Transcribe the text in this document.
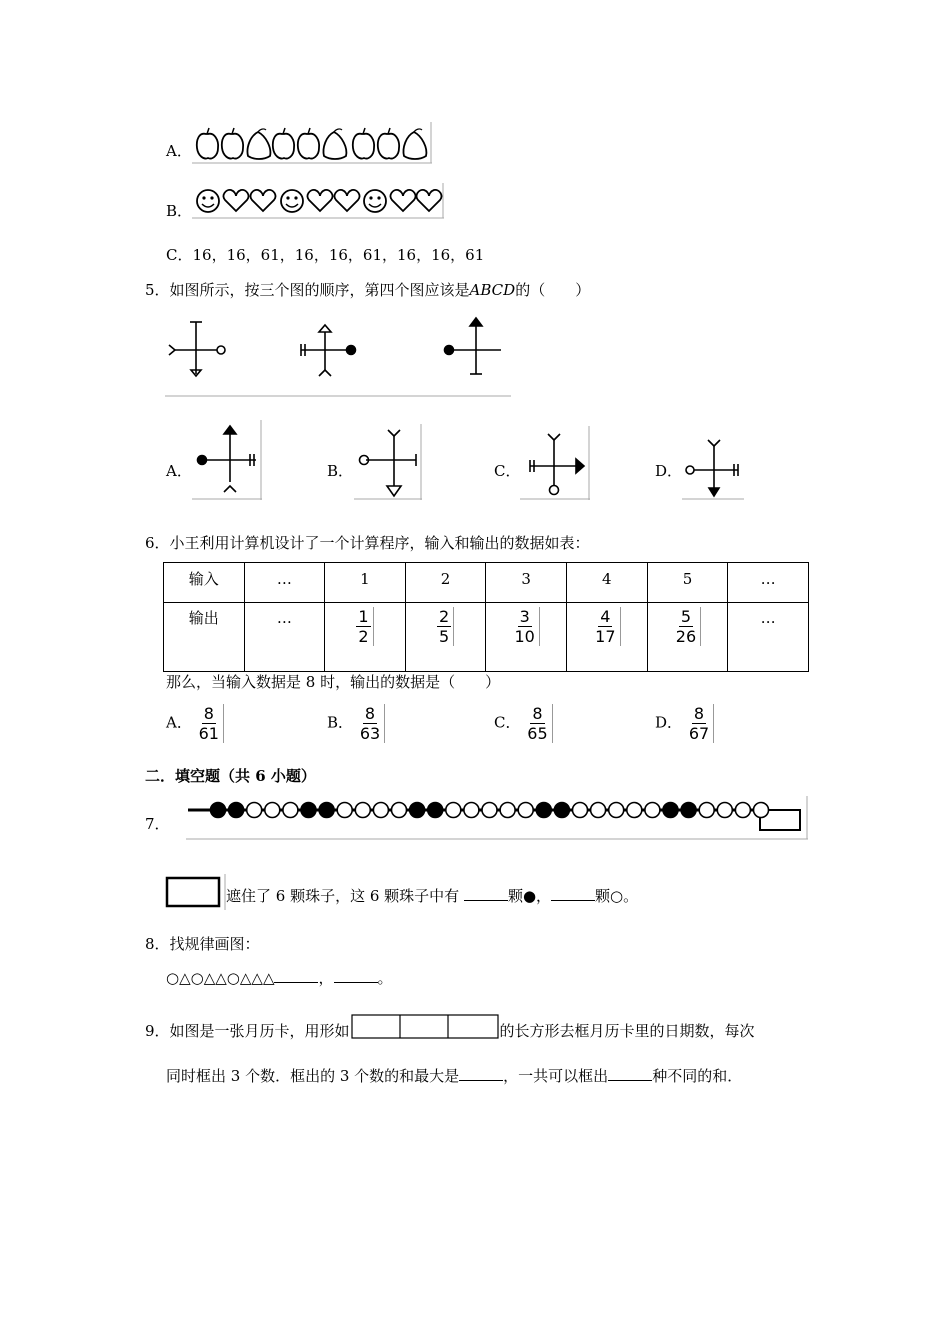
A．
B．
C．16，16，61，16，16，61，16，16，61
5．如图所示，按三个图的顺序，第四个图应该是ABCD的（　　）
A．	B．	C．	D．
6．小王利用计算机设计了一个计算程序，输入和输出的数据如表：
输入	…	1	2	3	4	5	…
输出	…	$\frac{1}{2}$	$\frac{2}{5}$	$\frac{3}{10}$	$\frac{4}{17}$	$\frac{5}{26}$	…
那么，当输入数据是 8 时，输出的数据是（　　）
A． $\frac{8}{61}$	B． $\frac{8}{63}$	C． $\frac{8}{65}$	D． $\frac{8}{67}$
二．填空题（共 6 小题）
7．
遮住了 6 颗珠子，这 6 颗珠子中有	颗●，	颗○。
8．找规律画图：
○△○△△○△△△	，	。
9．如图是一张月历卡，用形如	的长方形去框月历卡里的日期数，每次
同时框出 3 个数．框出的 3 个数的和最大是	，一共可以框出	种不同的和．
